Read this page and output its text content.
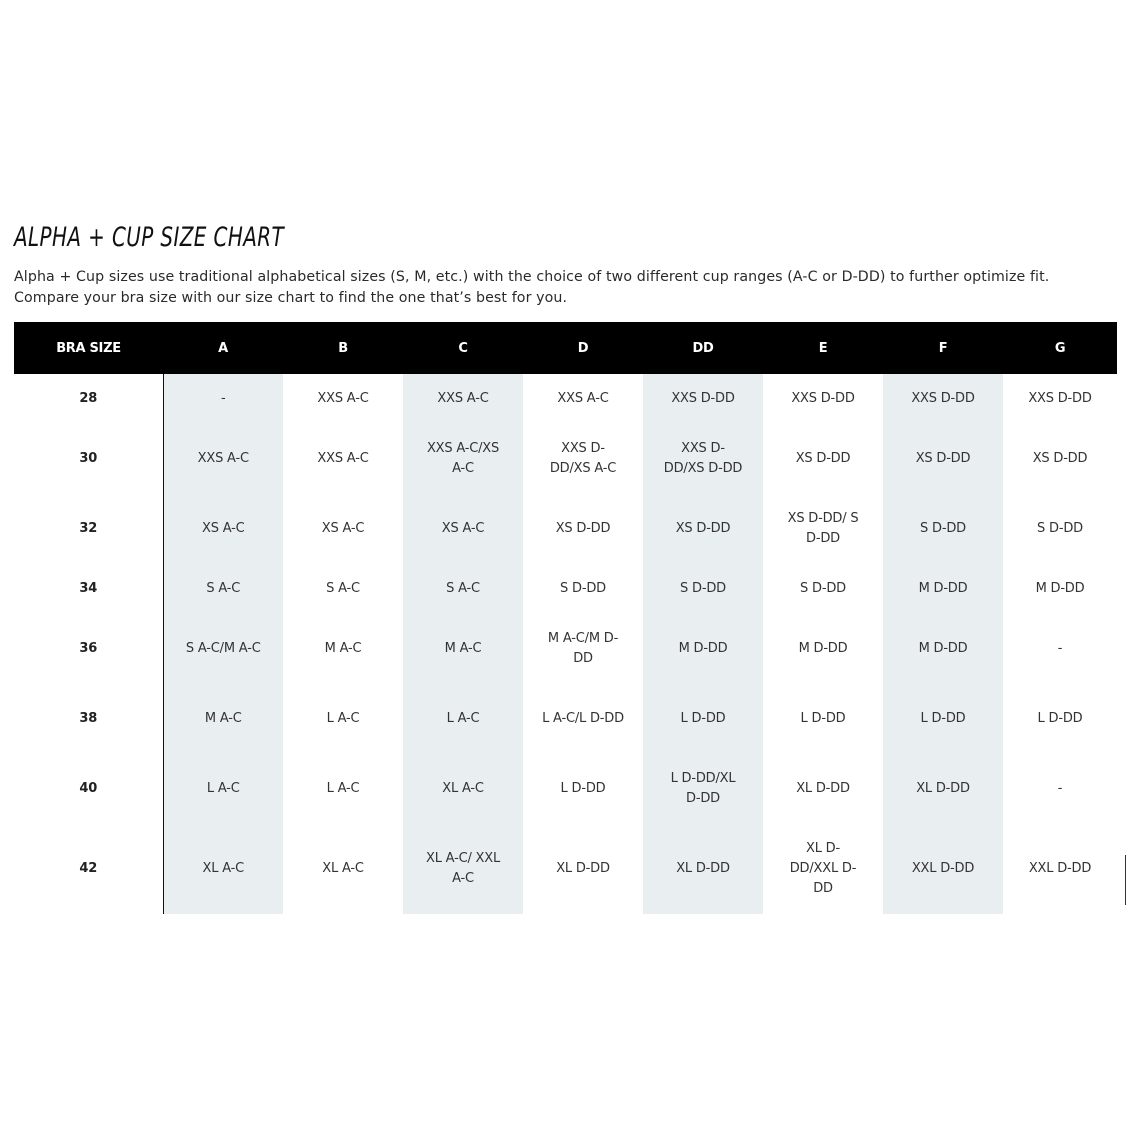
ALPHA + CUP SIZE CHART
Alpha + Cup sizes use traditional alphabetical sizes (S, M, etc.) with the choice of two different cup ranges (A-C or D-DD) to further optimize fit.
Compare your bra size with our size chart to find the one that’s best for you.
BRA SIZE	A	B	C	D	DD	E	F	G
28	-	XXS A-C	XXS A-C	XXS A-C	XXS D-DD	XXS D-DD	XXS D-DD	XXS D-DD
30	XXS A-C	XXS A-C	XXS A-C/XS A-C	XXS D-DD/XS A-C	XXS D-DD/XS D-DD	XS D-DD	XS D-DD	XS D-DD
32	XS A-C	XS A-C	XS A-C	XS D-DD	XS D-DD	XS D-DD/ S D-DD	S D-DD	S D-DD
34	S A-C	S A-C	S A-C	S D-DD	S D-DD	S D-DD	M D-DD	M D-DD
36	S A-C/M A-C	M A-C	M A-C	M A-C/M D-DD	M D-DD	M D-DD	M D-DD	-
38	M A-C	L A-C	L A-C	L A-C/L D-DD	L D-DD	L D-DD	L D-DD	L D-DD
40	L A-C	L A-C	XL A-C	L D-DD	L D-DD/XL D-DD	XL D-DD	XL D-DD	-
42	XL A-C	XL A-C	XL A-C/ XXL A-C	XL D-DD	XL D-DD	XL D-DD/XXL D-DD	XXL D-DD	XXL D-DD
